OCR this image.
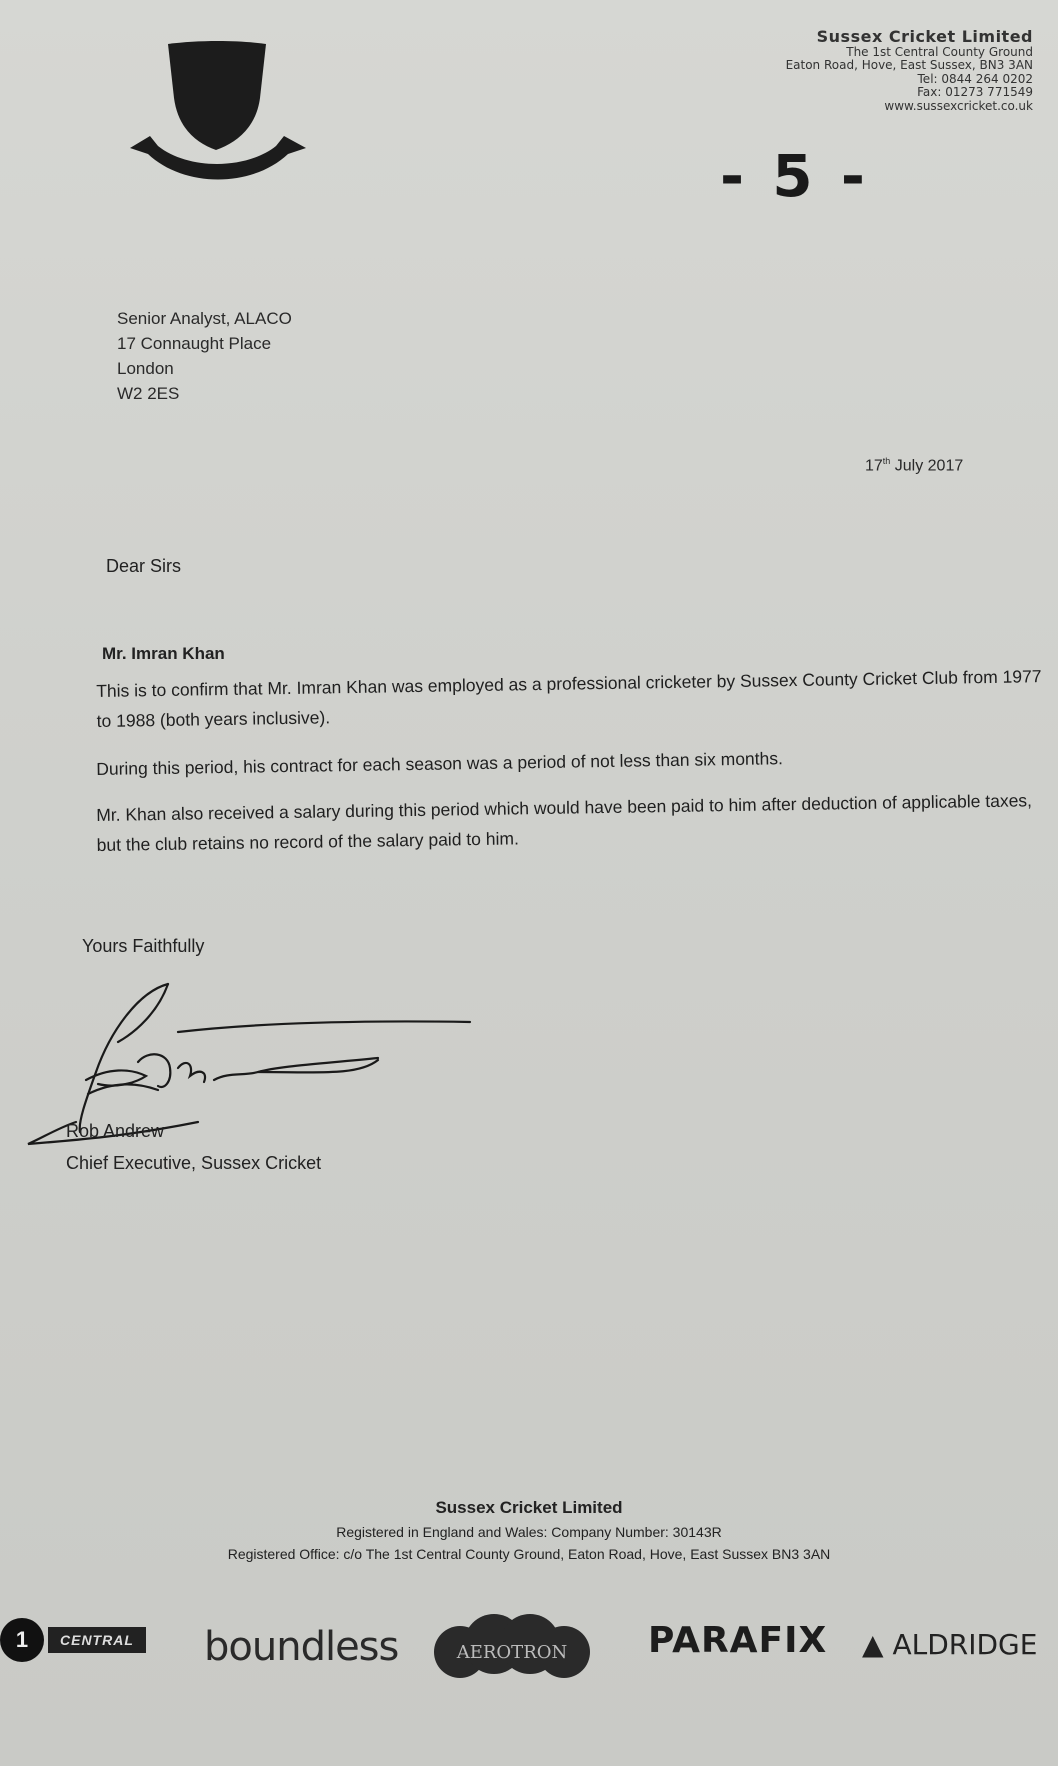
Sussex Cricket Limited
The 1st Central County Ground
Eaton Road, Hove, East Sussex, BN3 3AN
Tel: 0844 264 0202
Fax: 01273 771549
www.sussexcricket.co.uk
- 5 -
Senior Analyst, ALACO
17 Connaught Place
London
W2 2ES
17th July 2017
Dear Sirs
Mr. Imran Khan
This is to confirm that Mr. Imran Khan was employed as a professional cricketer by Sussex County Cricket Club from 1977 to 1988 (both years inclusive).
During this period, his contract for each season was a period of not less than six months.
Mr. Khan also received a salary during this period which would have been paid to him after deduction of applicable taxes, but the club retains no record of the salary paid to him.
Yours Faithfully
Rob Andrew
Chief Executive, Sussex Cricket
Sussex Cricket Limited
Registered in England and Wales: Company Number: 30143R
Registered Office: c/o The 1st Central County Ground, Eaton Road, Hove, East Sussex BN3 3AN
1	CENTRAL	boundless	AEROTRON PARAFIX ▲ ALDRIDGE
